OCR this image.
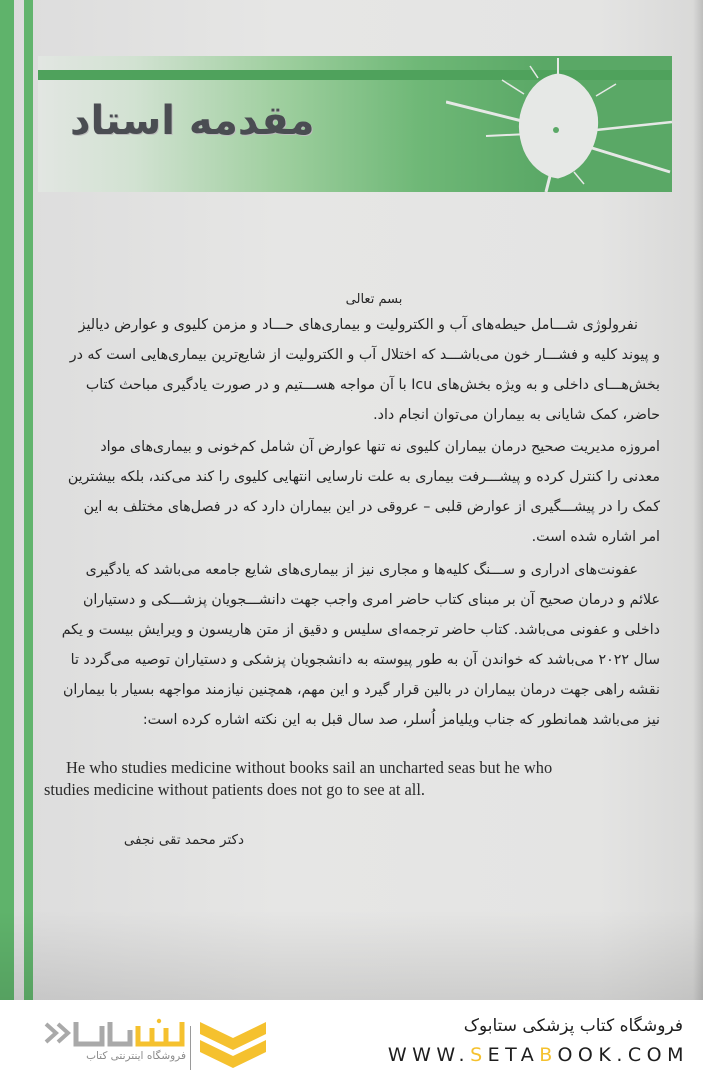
مقدمه استاد
بسم تعالی
نفرولوژی شـــامل حیطه‌های آب و الکترولیت و بیماری‌های حـــاد و مزمن کلیوی و عوارض دیالیز
و پیوند کلیه و فشـــار خون می‌باشـــد که اختلال آب و الکترولیت از شایع‌ترین بیماری‌هایی است که در
بخش‌هـــای داخلی و به ویژه بخش‌های Icu با آن مواجه هســـتیم و در صورت یادگیری مباحث کتاب
حاضر، کمک شایانی به بیماران می‌توان انجام داد.
امروزه مدیریت صحیح درمان بیماران کلیوی نه تنها عوارض آن شامل کم‌خونی و بیماری‌های مواد
معدنی را کنترل کرده و پیشـــرفت بیماری به علت نارسایی انتهایی کلیوی را کند می‌کند، بلکه بیشترین
کمک را در پیشـــگیری از عوارض قلبی – عروقی در این بیماران دارد که در فصل‌های مختلف به این
امر اشاره شده است.
عفونت‌های ادراری و ســـنگ کلیه‌ها و مجاری نیز از بیماری‌های شایع جامعه می‌باشد که یادگیری
علائم و درمان صحیح آن بر مبنای کتاب حاضر امری واجب جهت دانشـــجویان پزشـــکی و دستیاران
داخلی و عفونی می‌باشد. کتاب حاضر ترجمه‌ای سلیس و دقیق از متن هاریسون و ویرایش بیست و یکم
سال ۲۰۲۲ می‌باشد که خواندن آن به طور پیوسته به دانشجویان پزشکی و دستیاران توصیه می‌گردد تا
نقشه راهی جهت درمان بیماران در بالین قرار گیرد و این مهم، همچنین نیازمند مواجهه بسیار با بیماران
نیز می‌باشد همانطور که جناب ویلیامز اُسلر، صد سال قبل به این نکته اشاره کرده است:
He who studies medicine without books sail an uncharted seas but he who
studies medicine without patients does not go to see at all.
دکتر محمد تقی نجفی
فروشگاه اینترنتی کتاب
فروشگاه کتاب پزشکی ستابوک
WWW.SETABOOK.COM
